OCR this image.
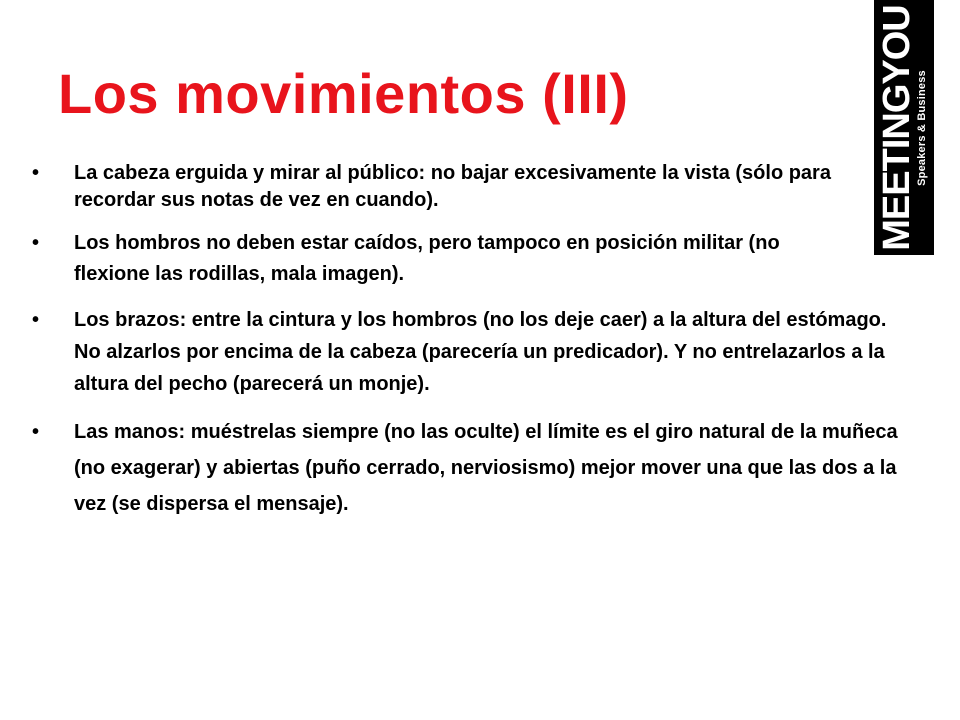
Los movimientos (III)	MEETINGYOU
Speakers & Business
• La cabeza erguida y mirar al público: no bajar excesivamente la vista (sólo para recordar sus notas de vez en cuando).
• Los hombros no deben estar caídos, pero tampoco en posición militar (no flexione las rodillas, mala imagen).
• Los brazos: entre la cintura y los hombros (no los deje caer) a la altura del estómago. No alzarlos por encima de la cabeza (parecería un predicador). Y no entrelazarlos a la altura del pecho (parecerá un monje).
• Las manos: muéstrelas siempre (no las oculte) el límite es el giro natural de la muñeca (no exagerar) y abiertas (puño cerrado, nerviosismo) mejor mover una que las dos a la vez (se dispersa el mensaje).
